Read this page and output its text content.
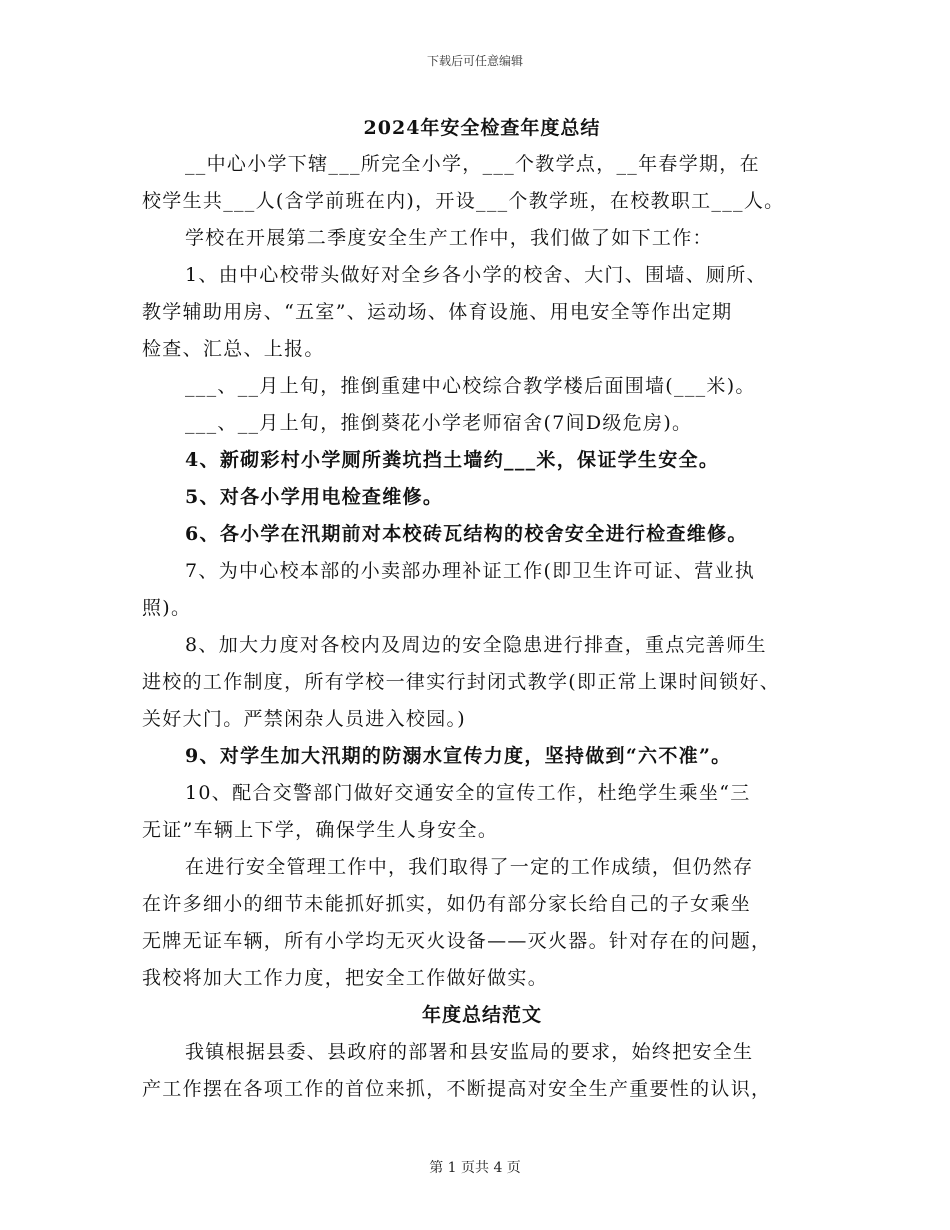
下载后可任意编辑
2024年安全检查年度总结
__中心小学下辖___所完全小学，___个教学点，__年春学期，在
校学生共___人(含学前班在内)，开设___个教学班，在校教职工___人。
学校在开展第二季度安全生产工作中，我们做了如下工作：
1、由中心校带头做好对全乡各小学的校舍、大门、围墙、厕所、
教学辅助用房、“五室”、运动场、体育设施、用电安全等作出定期
检查、汇总、上报。
___、__月上旬，推倒重建中心校综合教学楼后面围墙(___米)。
___、__月上旬，推倒葵花小学老师宿舍(7间D级危房)。
4、新砌彩村小学厕所粪坑挡土墙约___米，保证学生安全。
5、对各小学用电检查维修。
6、各小学在汛期前对本校砖瓦结构的校舍安全进行检查维修。
7、为中心校本部的小卖部办理补证工作(即卫生许可证、营业执
照)。
8、加大力度对各校内及周边的安全隐患进行排查，重点完善师生
进校的工作制度，所有学校一律实行封闭式教学(即正常上课时间锁好、
关好大门。严禁闲杂人员进入校园。)
9、对学生加大汛期的防溺水宣传力度，坚持做到“六不准”。
10、配合交警部门做好交通安全的宣传工作，杜绝学生乘坐“三
无证”车辆上下学，确保学生人身安全。
在进行安全管理工作中，我们取得了一定的工作成绩，但仍然存
在许多细小的细节未能抓好抓实，如仍有部分家长给自己的子女乘坐
无牌无证车辆，所有小学均无灭火设备——灭火器。针对存在的问题，
我校将加大工作力度，把安全工作做好做实。
年度总结范文
我镇根据县委、县政府的部署和县安监局的要求，始终把安全生
产工作摆在各项工作的首位来抓，不断提高对安全生产重要性的认识，
第 1 页共 4 页
